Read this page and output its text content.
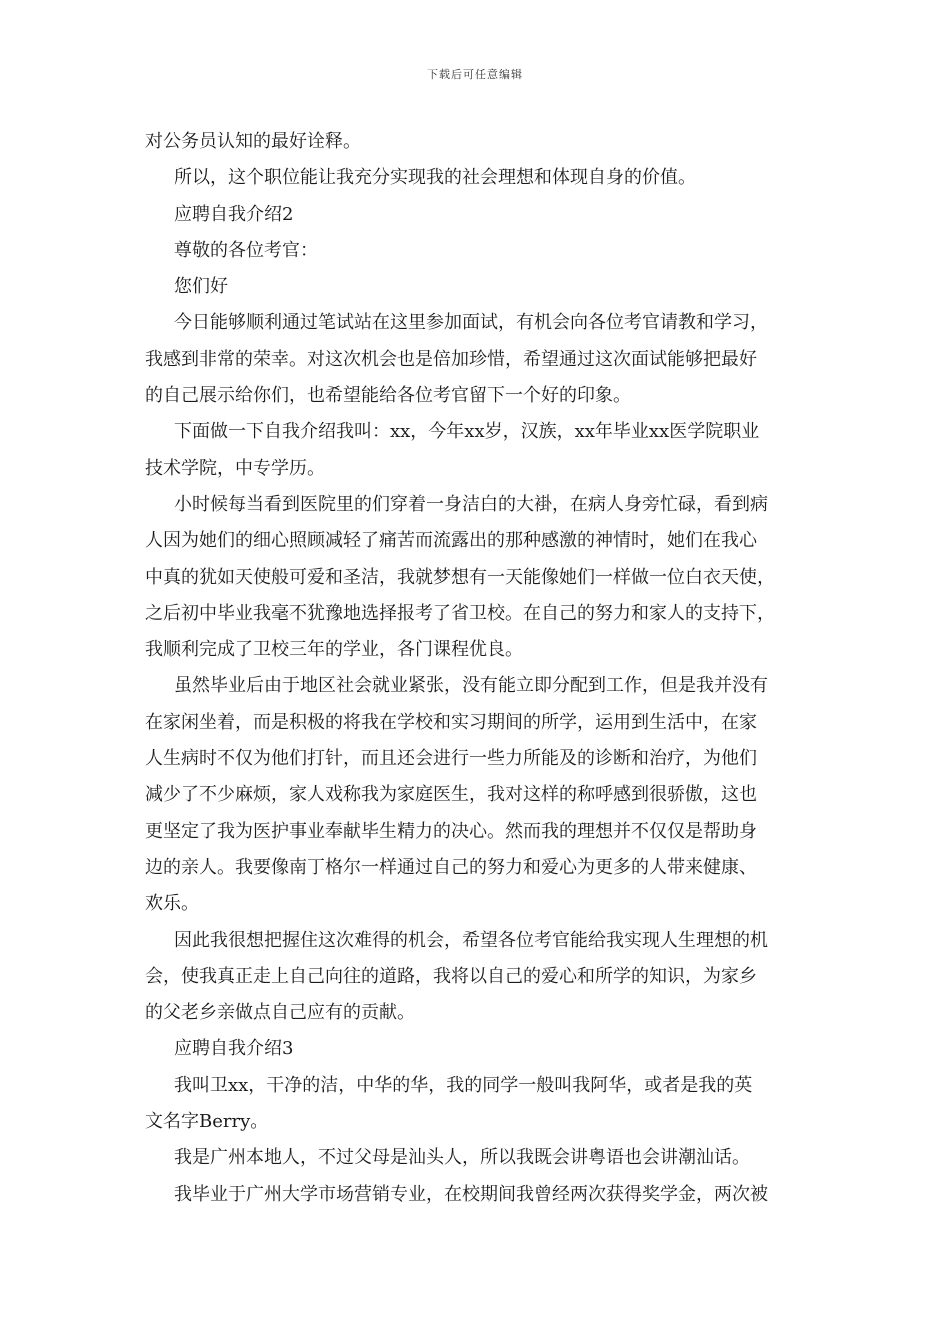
下载后可任意编辑
对公务员认知的最好诠释。
所以，这个职位能让我充分实现我的社会理想和体现自身的价值。
应聘自我介绍2
尊敬的各位考官：
您们好
今日能够顺利通过笔试站在这里参加面试，有机会向各位考官请教和学习，
我感到非常的荣幸。对这次机会也是倍加珍惜，希望通过这次面试能够把最好
的自己展示给你们，也希望能给各位考官留下一个好的印象。
下面做一下自我介绍我叫：xx，今年xx岁，汉族，xx年毕业xx医学院职业
技术学院，中专学历。
小时候每当看到医院里的们穿着一身洁白的大褂，在病人身旁忙碌，看到病
人因为她们的细心照顾减轻了痛苦而流露出的那种感激的神情时，她们在我心
中真的犹如天使般可爱和圣洁，我就梦想有一天能像她们一样做一位白衣天使，
之后初中毕业我毫不犹豫地选择报考了省卫校。在自己的努力和家人的支持下，
我顺利完成了卫校三年的学业，各门课程优良。
虽然毕业后由于地区社会就业紧张，没有能立即分配到工作，但是我并没有
在家闲坐着，而是积极的将我在学校和实习期间的所学，运用到生活中，在家
人生病时不仅为他们打针，而且还会进行一些力所能及的诊断和治疗，为他们
减少了不少麻烦，家人戏称我为家庭医生，我对这样的称呼感到很骄傲，这也
更坚定了我为医护事业奉献毕生精力的决心。然而我的理想并不仅仅是帮助身
边的亲人。我要像南丁格尔一样通过自己的努力和爱心为更多的人带来健康、
欢乐。
因此我很想把握住这次难得的机会，希望各位考官能给我实现人生理想的机
会，使我真正走上自己向往的道路，我将以自己的爱心和所学的知识，为家乡
的父老乡亲做点自己应有的贡献。
应聘自我介绍3
我叫卫xx，干净的洁，中华的华，我的同学一般叫我阿华，或者是我的英
文名字Berry。
我是广州本地人，不过父母是汕头人，所以我既会讲粤语也会讲潮汕话。
我毕业于广州大学市场营销专业，在校期间我曾经两次获得奖学金，两次被
